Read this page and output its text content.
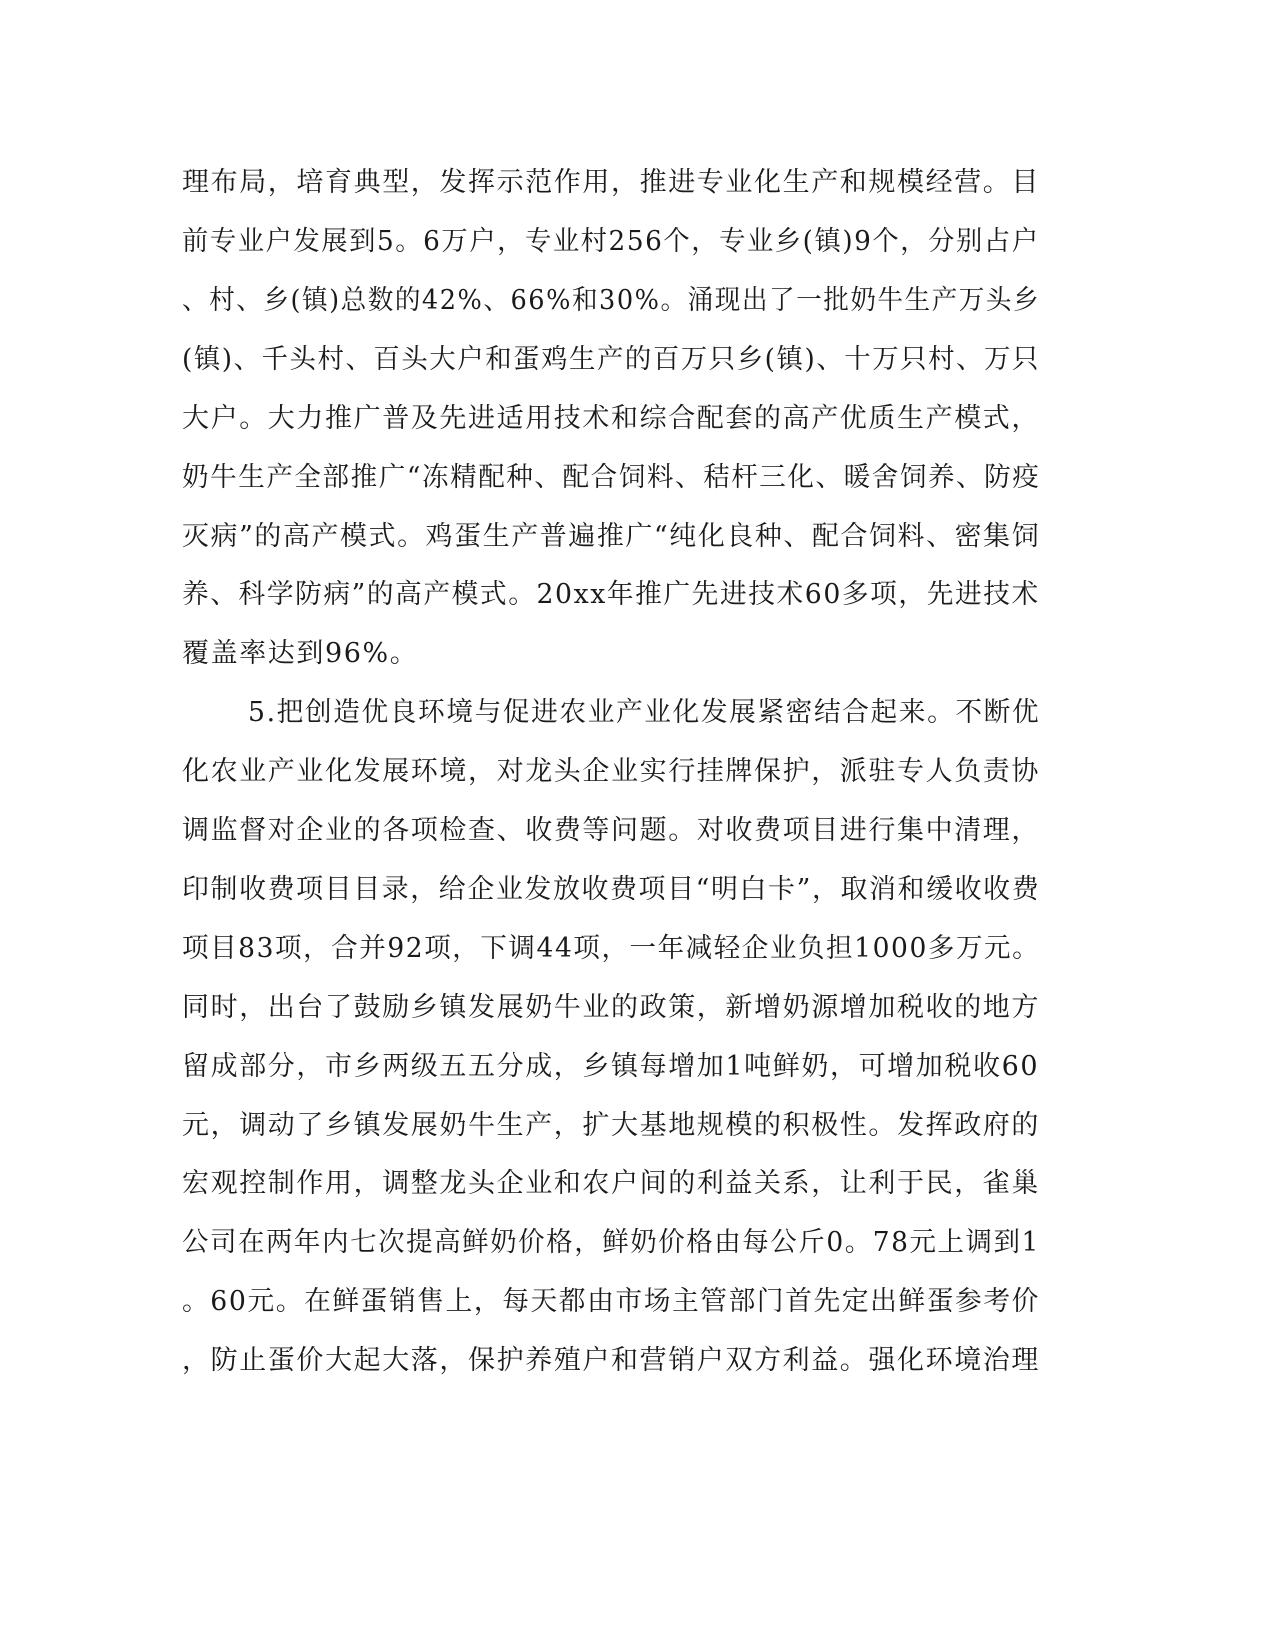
理布局，培育典型，发挥示范作用，推进专业化生产和规模经营。目
前专业户发展到5。6万户，专业村256个，专业乡(镇)9个，分别占户
、村、乡(镇)总数的42%、66%和30%。涌现出了一批奶牛生产万头乡
(镇)、千头村、百头大户和蛋鸡生产的百万只乡(镇)、十万只村、万只
大户。大力推广普及先进适用技术和综合配套的高产优质生产模式，
奶牛生产全部推广“冻精配种、配合饲料、秸杆三化、暖舍饲养、防疫
灭病”的高产模式。鸡蛋生产普遍推广“纯化良种、配合饲料、密集饲
养、科学防病”的高产模式。20xx年推广先进技术60多项，先进技术
覆盖率达到96%。
5.把创造优良环境与促进农业产业化发展紧密结合起来。不断优
化农业产业化发展环境，对龙头企业实行挂牌保护，派驻专人负责协
调监督对企业的各项检查、收费等问题。对收费项目进行集中清理，
印制收费项目目录，给企业发放收费项目“明白卡”，取消和缓收收费
项目83项，合并92项，下调44项，一年减轻企业负担1000多万元。
同时，出台了鼓励乡镇发展奶牛业的政策，新增奶源增加税收的地方
留成部分，市乡两级五五分成，乡镇每增加1吨鲜奶，可增加税收60
元，调动了乡镇发展奶牛生产，扩大基地规模的积极性。发挥政府的
宏观控制作用，调整龙头企业和农户间的利益关系，让利于民，雀巢
公司在两年内七次提高鲜奶价格，鲜奶价格由每公斤0。78元上调到1
。60元。在鲜蛋销售上，每天都由市场主管部门首先定出鲜蛋参考价
，防止蛋价大起大落，保护养殖户和营销户双方利益。强化环境治理
